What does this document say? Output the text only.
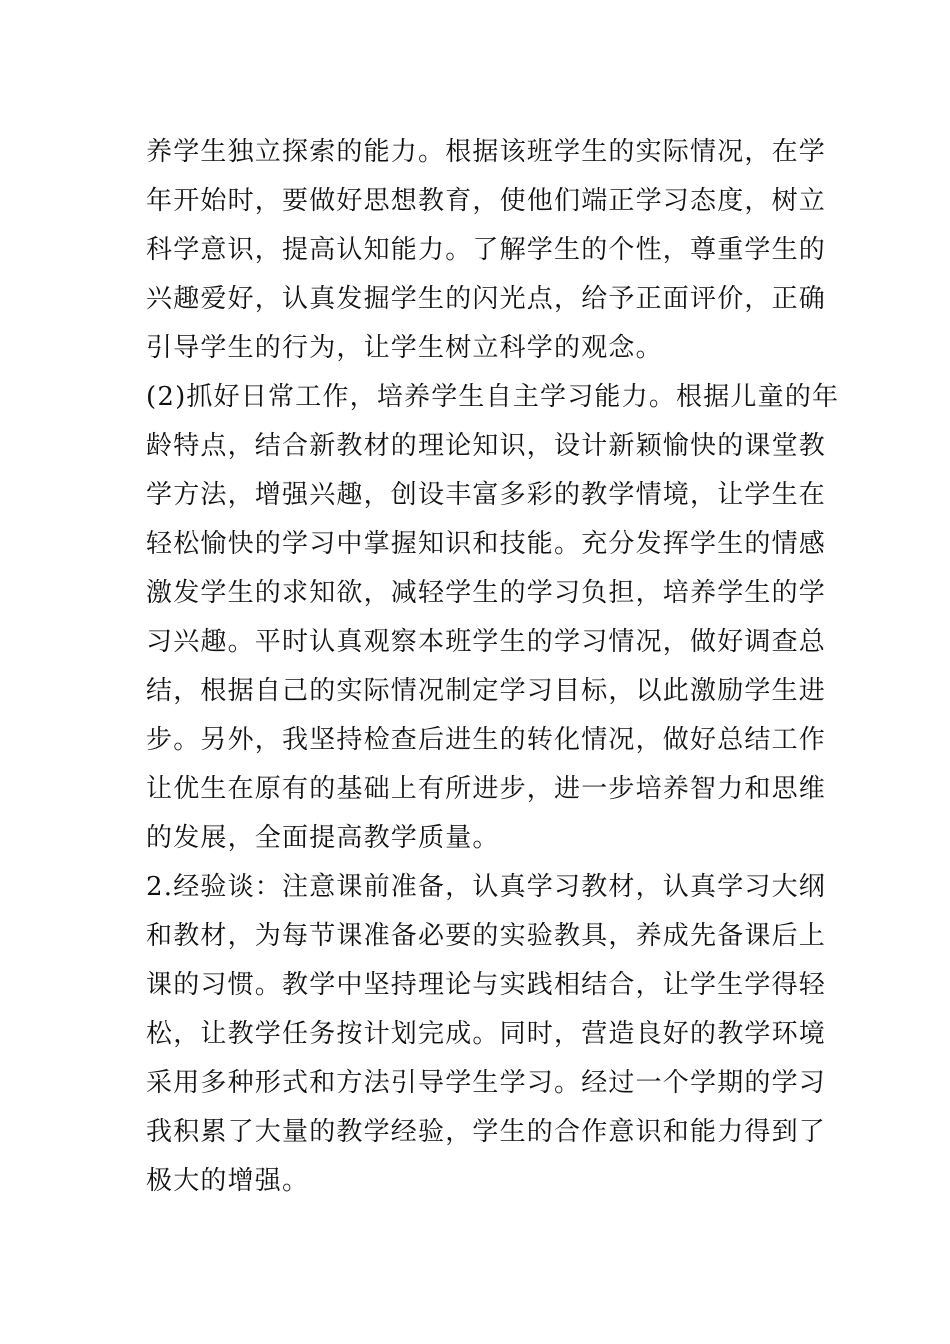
养学生独立探索的能力。根据该班学生的实际情况，在学
年开始时，要做好思想教育，使他们端正学习态度，树立
科学意识，提高认知能力。了解学生的个性，尊重学生的
兴趣爱好，认真发掘学生的闪光点，给予正面评价，正确
引导学生的行为，让学生树立科学的观念。
(2)抓好日常工作，培养学生自主学习能力。根据儿童的年
龄特点，结合新教材的理论知识，设计新颖愉快的课堂教
学方法，增强兴趣，创设丰富多彩的教学情境，让学生在
轻松愉快的学习中掌握知识和技能。充分发挥学生的情感
激发学生的求知欲，减轻学生的学习负担，培养学生的学
习兴趣。平时认真观察本班学生的学习情况，做好调查总
结，根据自己的实际情况制定学习目标，以此激励学生进
步。另外，我坚持检查后进生的转化情况，做好总结工作
让优生在原有的基础上有所进步，进一步培养智力和思维
的发展，全面提高教学质量。
2.经验谈：注意课前准备，认真学习教材，认真学习大纲
和教材，为每节课准备必要的实验教具，养成先备课后上
课的习惯。教学中坚持理论与实践相结合，让学生学得轻
松，让教学任务按计划完成。同时，营造良好的教学环境
采用多种形式和方法引导学生学习。经过一个学期的学习
我积累了大量的教学经验，学生的合作意识和能力得到了
极大的增强。
